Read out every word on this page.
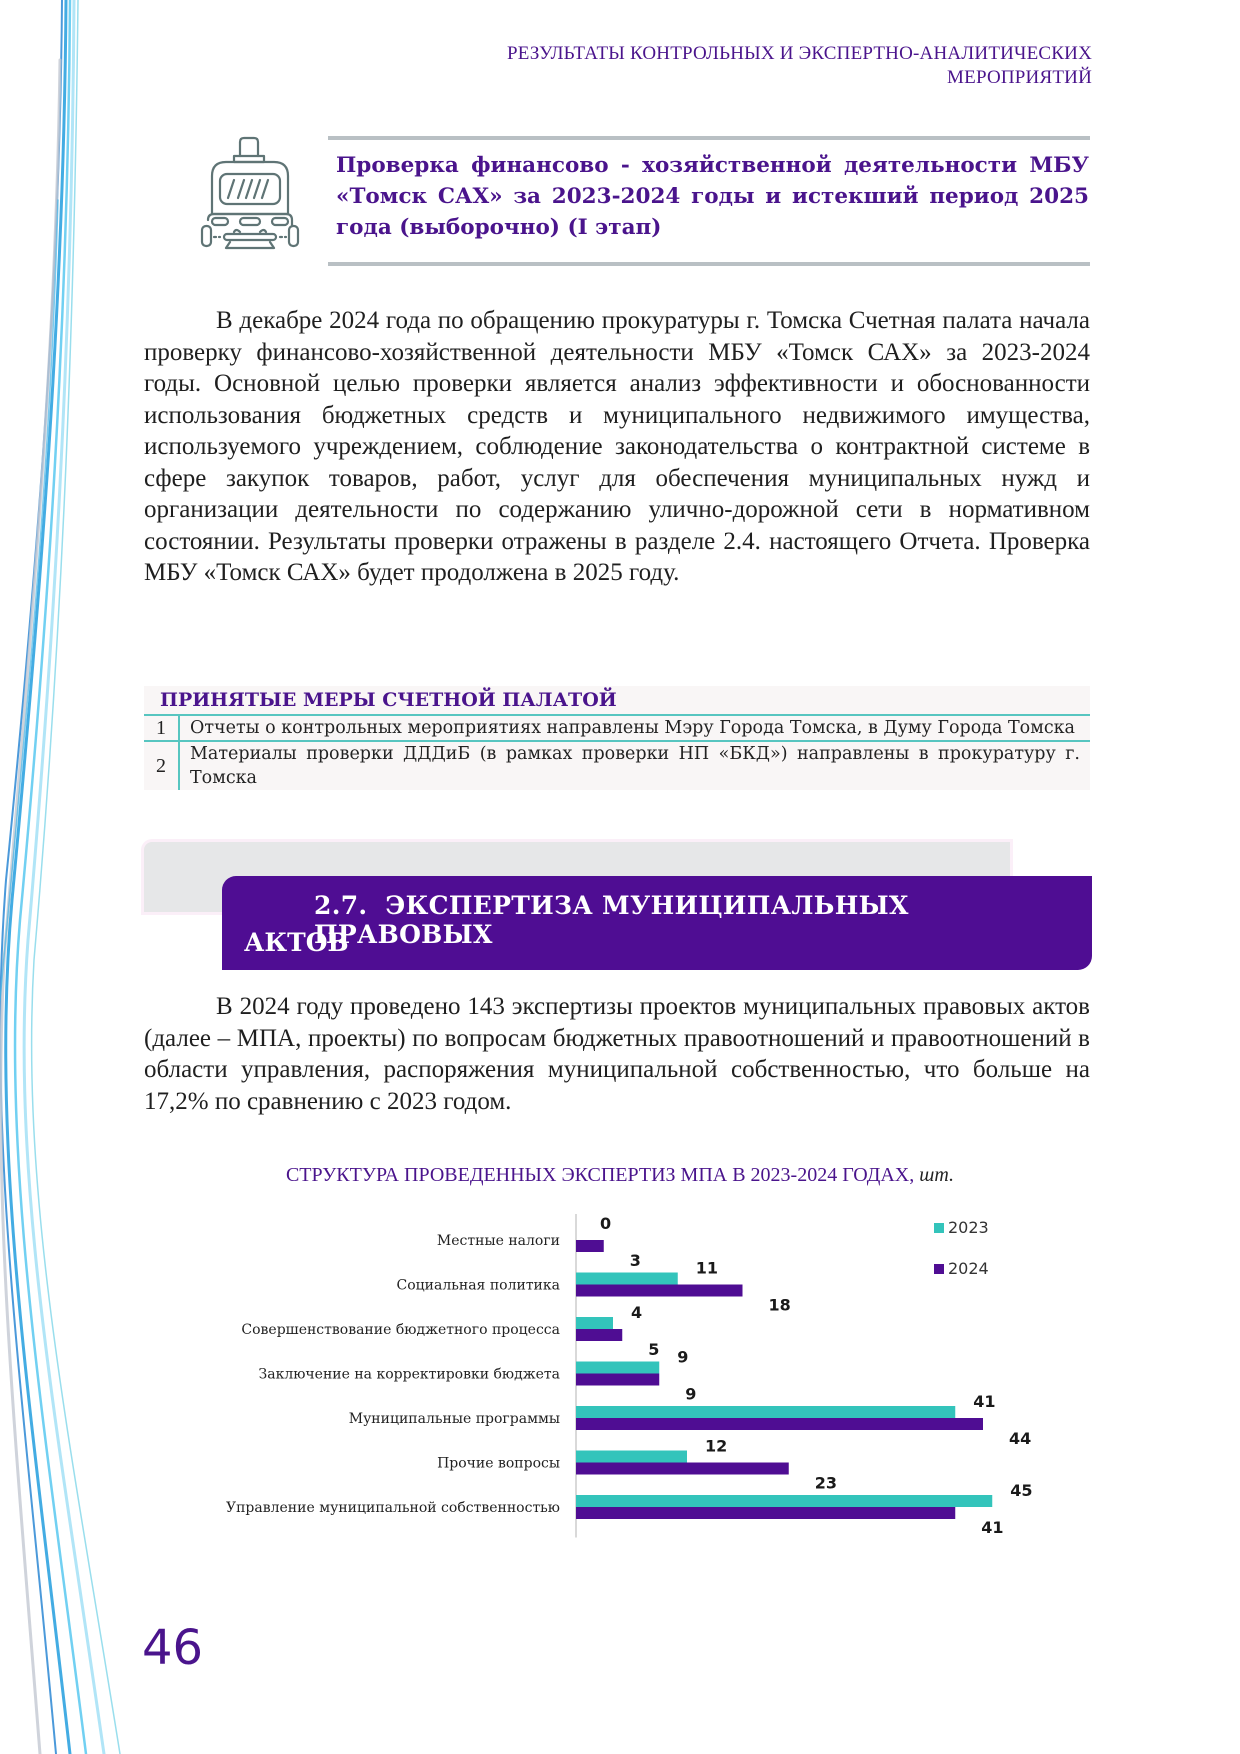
РЕЗУЛЬТАТЫ КОНТРОЛЬНЫХ И ЭКСПЕРТНО-АНАЛИТИЧЕСКИХ
МЕРОПРИЯТИЙ
Проверка финансово - хозяйственной деятельности МБУ «Томск САХ» за 2023-2024 годы и истекший период 2025 года (выборочно) (I этап)
В декабре 2024 года по обращению прокуратуры г. Томска Счетная палата начала проверку финансово-хозяйственной деятельности МБУ «Томск САХ» за 2023-2024 годы. Основной целью проверки является анализ эффективности и обоснованности использования бюджетных средств и муниципального недвижимого имущества, используемого учреждением, соблюдение законодательства о контрактной системе в сфере закупок товаров, работ, услуг для обеспечения муниципальных нужд и организации деятельности по содержанию улично-дорожной сети в нормативном состоянии. Результаты проверки отражены в разделе 2.4. настоящего Отчета. Проверка МБУ «Томск САХ» будет продолжена в 2025 году.
ПРИНЯТЫЕ МЕРЫ СЧЕТНОЙ ПАЛАТОЙ
1	Отчеты о контрольных мероприятиях направлены Мэру Города Томска, в Думу Города Томска
2
Материалы проверки ДДДиБ (в рамках проверки НП «БКД») направлены в прокуратуру г. Томска
2.7. ЭКСПЕРТИЗА МУНИЦИПАЛЬНЫХ ПРАВОВЫХ
АКТОВ
В 2024 году проведено 143 экспертизы проектов муниципальных правовых актов (далее – МПА, проекты) по вопросам бюджетных правоотношений и правоотношений в области управления, распоряжения муниципальной собственностью, что больше на 17,2% по сравнению с 2023 годом.
СТРУКТУРА ПРОВЕДЕННЫХ ЭКСПЕРТИЗ МПА В 2023-2024 ГОДАХ, шт.
Местные налоги
0
3
Социальная политика
11
18
Совершенствование бюджетного процесса
4
5
Заключение на корректировки бюджета
9
9
Муниципальные программы
41
44
Прочие вопросы
12
23
Управление муниципальной собственностью
45
41
2023
2024
46
